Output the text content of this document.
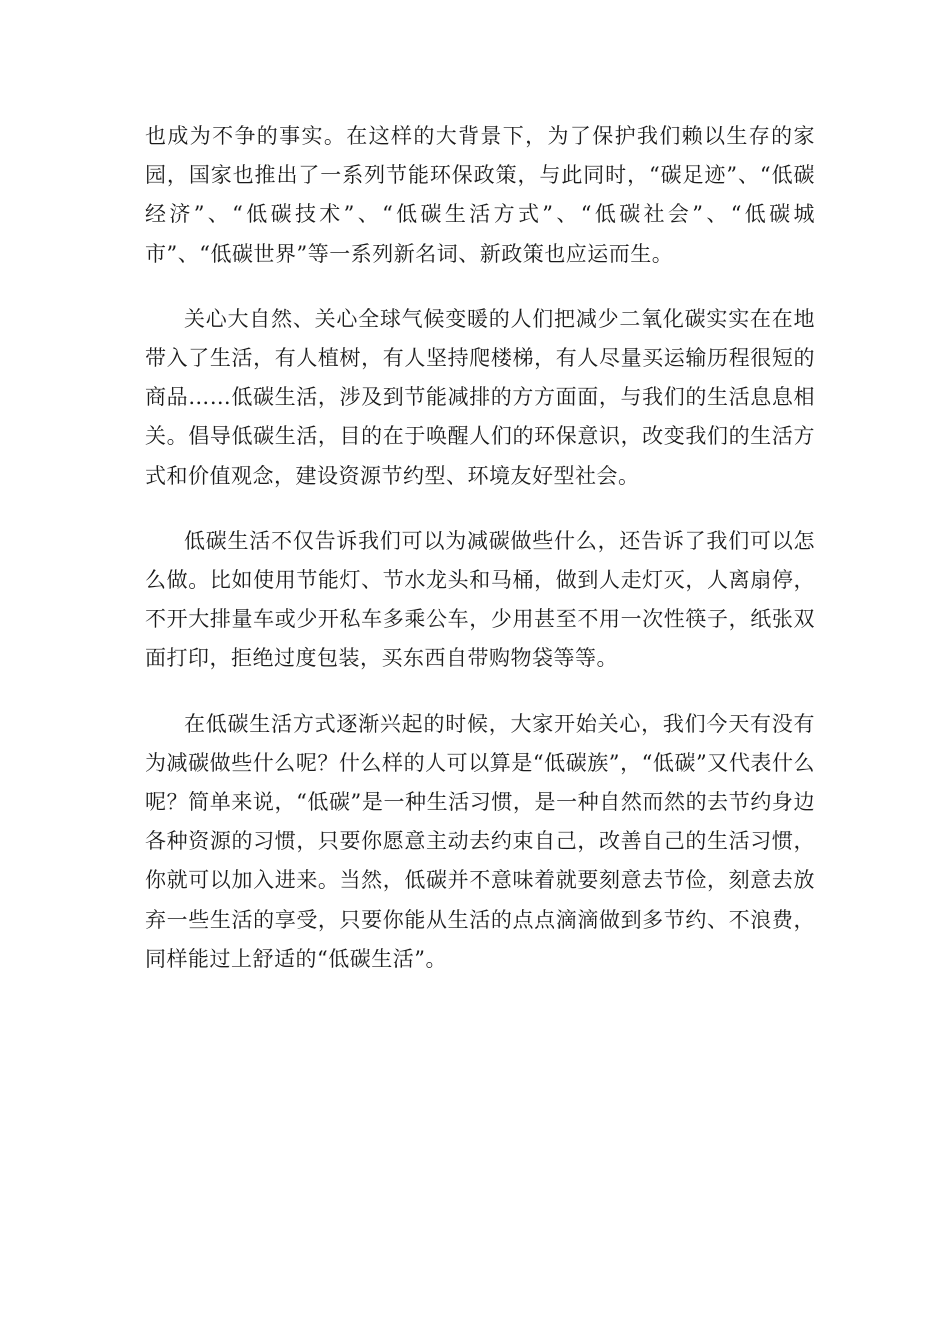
也成为不争的事实。在这样的大背景下，为了保护我们赖以生存的家园，国家也推出了一系列节能环保政策，与此同时，“碳足迹”、“低碳经济”、“低碳技术”、“低碳生活方式”、“低碳社会”、“低碳城市”、“低碳世界”等一系列新名词、新政策也应运而生。

关心大自然、关心全球气候变暖的人们把减少二氧化碳实实在在地带入了生活，有人植树，有人坚持爬楼梯，有人尽量买运输历程很短的商品……低碳生活，涉及到节能减排的方方面面，与我们的生活息息相关。倡导低碳生活，目的在于唤醒人们的环保意识，改变我们的生活方式和价值观念，建设资源节约型、环境友好型社会。

低碳生活不仅告诉我们可以为减碳做些什么，还告诉了我们可以怎么做。比如使用节能灯、节水龙头和马桶，做到人走灯灭，人离扇停，不开大排量车或少开私车多乘公车，少用甚至不用一次性筷子，纸张双面打印，拒绝过度包装，买东西自带购物袋等等。

在低碳生活方式逐渐兴起的时候，大家开始关心，我们今天有没有为减碳做些什么呢？什么样的人可以算是“低碳族”，“低碳”又代表什么呢？简单来说，“低碳”是一种生活习惯，是一种自然而然的去节约身边各种资源的习惯，只要你愿意主动去约束自己，改善自己的生活习惯，你就可以加入进来。当然，低碳并不意味着就要刻意去节俭，刻意去放弃一些生活的享受，只要你能从生活的点点滴滴做到多节约、不浪费，同样能过上舒适的“低碳生活”。
